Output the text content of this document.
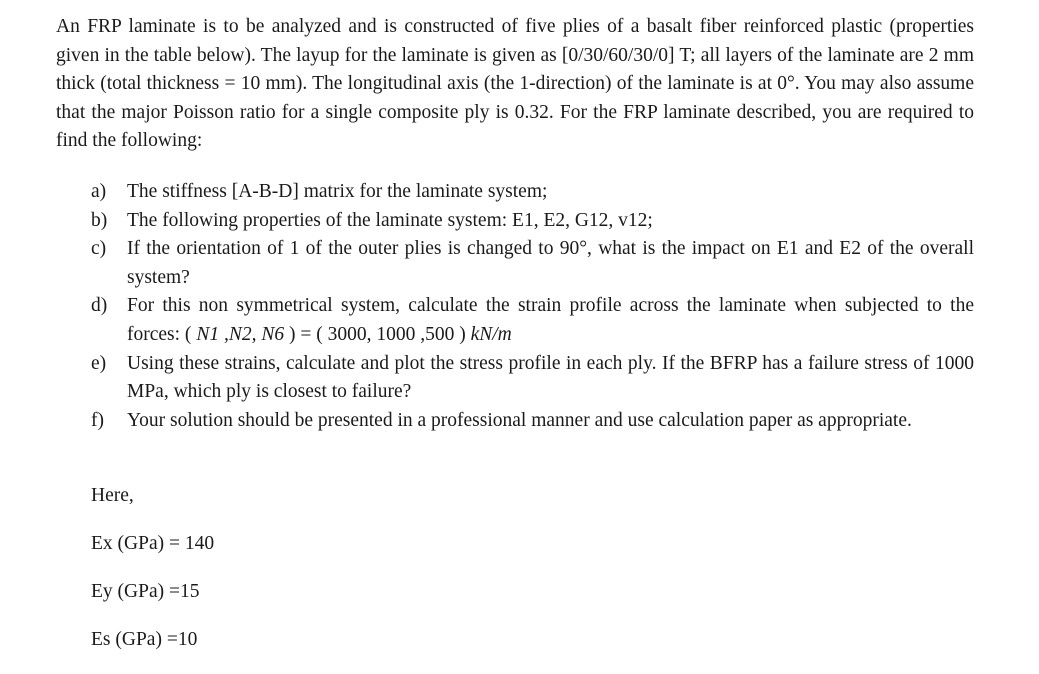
An FRP laminate is to be analyzed and is constructed of five plies of a basalt fiber reinforced plastic (properties given in the table below). The layup for the laminate is given as [0/30/60/30/0] T; all layers of the laminate are 2 mm thick (total thickness = 10 mm). The longitudinal axis (the 1-direction) of the laminate is at 0°. You may also assume that the major Poisson ratio for a single composite ply is 0.32. For the FRP laminate described, you are required to find the following:

a) The stiffness [A-B-D] matrix for the laminate system;
b) The following properties of the laminate system: E1, E2, G12, v12;
c) If the orientation of 1 of the outer plies is changed to 90°, what is the impact on E1 and E2 of the overall system?
d) For this non symmetrical system, calculate the strain profile across the laminate when subjected to the forces: ( N1 ,N2, N6 ) = ( 3000, 1000 ,500 ) kN/m
e) Using these strains, calculate and plot the stress profile in each ply. If the BFRP has a failure stress of 1000 MPa, which ply is closest to failure?
f) Your solution should be presented in a professional manner and use calculation paper as appropriate.

Here,

Ex (GPa) = 140

Ey (GPa) =15

Es (GPa) =10
